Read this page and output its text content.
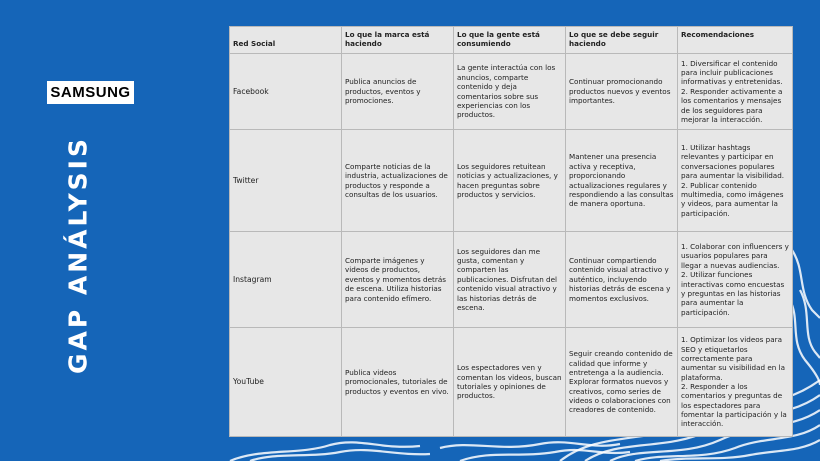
SAMSUNG
GAP ANÁLYSIS
Red Social	Lo que la marca está haciendo	Lo que la gente está consumiendo	Lo que se debe seguir haciendo	Recomendaciones
Facebook	Publica anuncios de productos, eventos y promociones.	La gente interactúa con los anuncios, comparte contenido y deja comentarios sobre sus experiencias con los productos.	Continuar promocionando productos nuevos y eventos importantes.	1. Diversificar el contenido para incluir publicaciones informativas y entretenidas.
2. Responder activamente a los comentarios y mensajes de los seguidores para mejorar la interacción.

Twitter	Comparte noticias de la industria, actualizaciones de productos y responde a consultas de los usuarios.	Los seguidores retuitean noticias y actualizaciones, y hacen preguntas sobre productos y servicios.	Mantener una presencia activa y receptiva, proporcionando actualizaciones regulares y respondiendo a las consultas de manera oportuna.	1. Utilizar hashtags relevantes y participar en conversaciones populares para aumentar la visibilidad.
2. Publicar contenido multimedia, como imágenes y videos, para aumentar la participación.

Instagram	Comparte imágenes y videos de productos, eventos y momentos detrás de escena. Utiliza historias para contenido efímero.	Los seguidores dan me gusta, comentan y comparten las publicaciones. Disfrutan del contenido visual atractivo y las historias detrás de escena.	Continuar compartiendo contenido visual atractivo y auténtico, incluyendo historias detrás de escena y momentos exclusivos.	1. Colaborar con influencers y usuarios populares para llegar a nuevas audiencias.
2. Utilizar funciones interactivas como encuestas y preguntas en las historias para aumentar la participación.

YouTube	Publica videos promocionales, tutoriales de productos y eventos en vivo.	Los espectadores ven y comentan los videos, buscan tutoriales y opiniones de productos.	Seguir creando contenido de calidad que informe y entretenga a la audiencia. Explorar formatos nuevos y creativos, como series de videos o colaboraciones con creadores de contenido.	1. Optimizar los videos para SEO y etiquetarlos correctamente para aumentar su visibilidad en la plataforma.
2. Responder a los comentarios y preguntas de los espectadores para fomentar la participación y la interacción.
